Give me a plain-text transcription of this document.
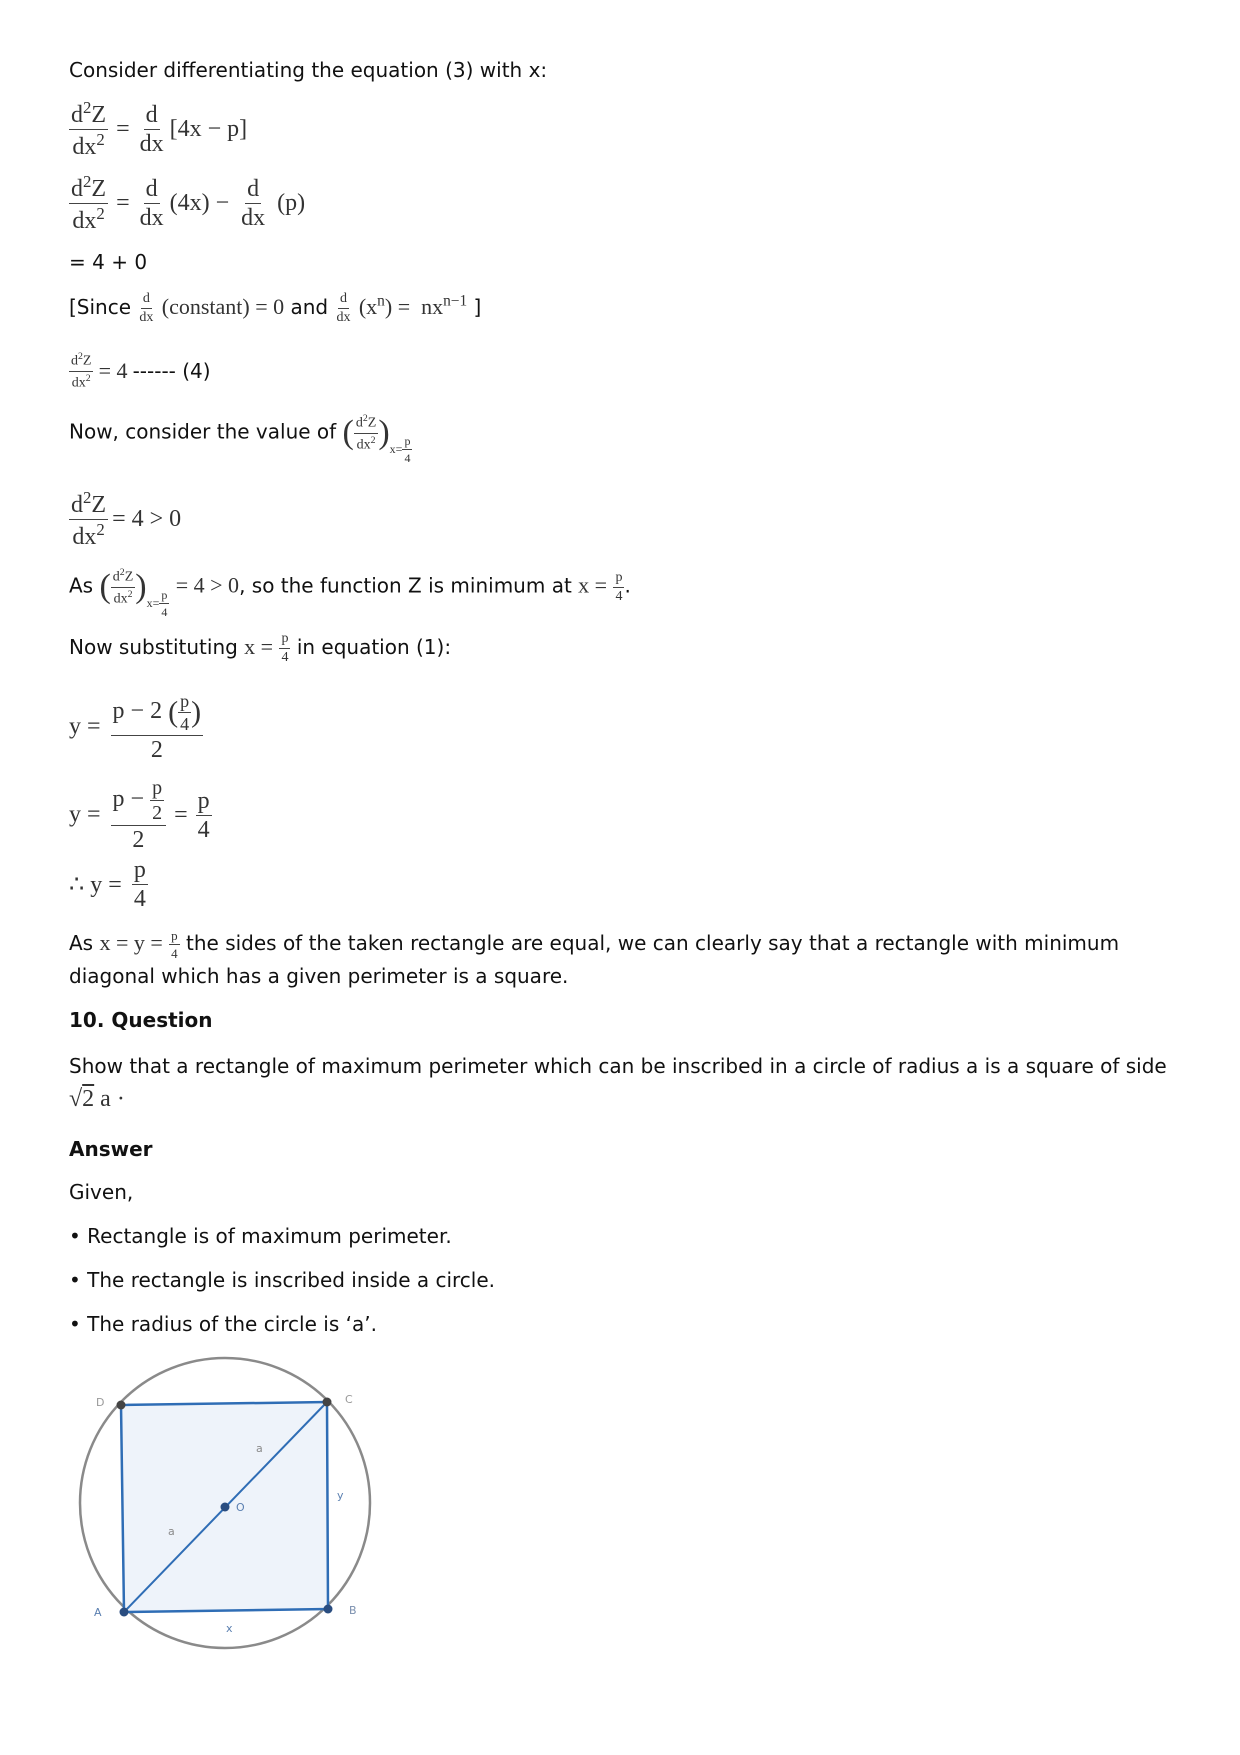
Consider differentiating the equation (3) with x:
$\frac{d^2Z}{dx^2} = \frac{d}{dx} [4x - p]$
$\frac{d^2Z}{dx^2} = \frac{d}{dx} (4x) - \frac{d}{dx} (p)$
= 4 + 0
[Since $\frac{d}{dx}$ (constant) = 0 and $\frac{d}{dx} (x^n) = nx^{n-1}$ ]
$\frac{d^2Z}{dx^2} = 4$ ------ (4)
Now, consider the value of ( $\frac{d^2Z}{dx^2} )_{x= \frac{p}{4}}$
$\frac{d^2Z}{dx^2} = 4 > 0$
As ( $\frac{d^2Z}{dx^2} )_{x= \frac{p}{4}}$
= 4 > 0, so the function Z is minimum at $x = \frac{p}{4}$ .
Now substituting $x = \frac{p}{4}$ in equation (1):
$y = \frac{p - 2 ( \frac{p}{4} )}{2}$
$y = \frac{p - \frac{p}{2}}{2} = \frac{p}{4}$
∴ $y = \frac{p}{4}$
As $x = y = \frac{p}{4}$ the sides of the taken rectangle are equal, we can clearly say that a rectangle with minimum diagonal which has a given perimeter is a square.
10. Question
Show that a rectangle of maximum perimeter which can be inscribed in a circle of radius a is a square of side
√2 a ·
Answer
Given,
• Rectangle is of maximum perimeter.
• The rectangle is inscribed inside a circle.
• The radius of the circle is ‘a’.
A	B
C
D
O
x
y
a
a
